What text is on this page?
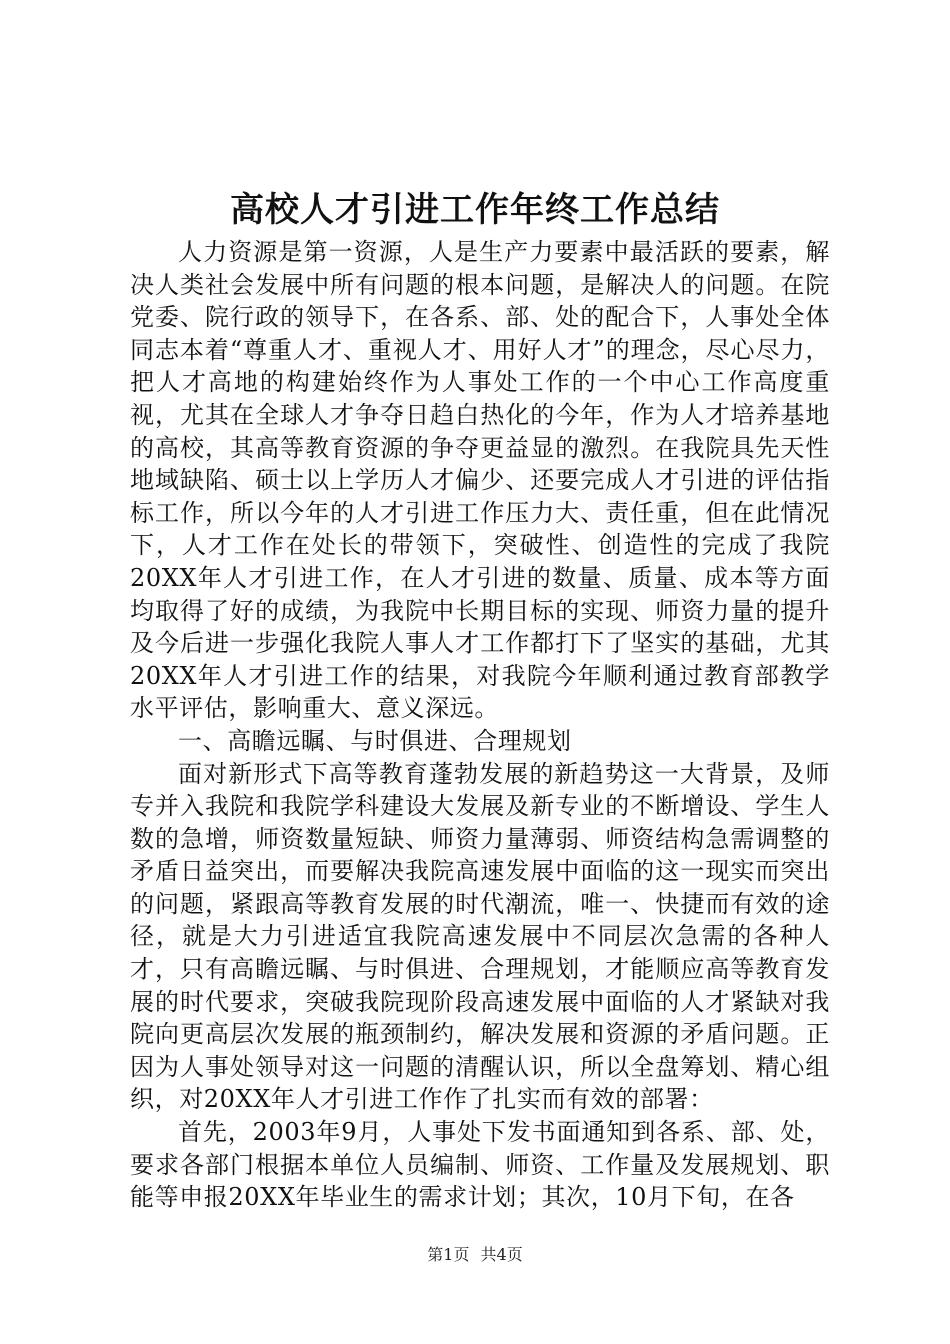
高校人才引进工作年终工作总结

人力资源是第一资源，人是生产力要素中最活跃的要素，解决人类社会发展中所有问题的根本问题，是解决人的问题。在院党委、院行政的领导下，在各系、部、处的配合下，人事处全体同志本着“尊重人才、重视人才、用好人才”的理念，尽心尽力，把人才高地的构建始终作为人事处工作的一个中心工作高度重视，尤其在全球人才争夺日趋白热化的今年，作为人才培养基地的高校，其高等教育资源的争夺更益显的激烈。在我院具先天性地域缺陷、硕士以上学历人才偏少、还要完成人才引进的评估指标工作，所以今年的人才引进工作压力大、责任重，但在此情况下，人才工作在处长的带领下，突破性、创造性的完成了我院20XX年人才引进工作，在人才引进的数量、质量、成本等方面均取得了好的成绩，为我院中长期目标的实现、师资力量的提升及今后进一步强化我院人事人才工作都打下了坚实的基础，尤其20XX年人才引进工作的结果，对我院今年顺利通过教育部教学水平评估，影响重大、意义深远。

一、高瞻远瞩、与时俱进、合理规划

面对新形式下高等教育蓬勃发展的新趋势这一大背景，及师专并入我院和我院学科建设大发展及新专业的不断增设、学生人数的急增，师资数量短缺、师资力量薄弱、师资结构急需调整的矛盾日益突出，而要解决我院高速发展中面临的这一现实而突出的问题，紧跟高等教育发展的时代潮流，唯一、快捷而有效的途径，就是大力引进适宜我院高速发展中不同层次急需的各种人才，只有高瞻远瞩、与时俱进、合理规划，才能顺应高等教育发展的时代要求，突破我院现阶段高速发展中面临的人才紧缺对我院向更高层次发展的瓶颈制约，解决发展和资源的矛盾问题。正因为人事处领导对这一问题的清醒认识，所以全盘筹划、精心组织，对20XX年人才引进工作作了扎实而有效的部署：

首先，2003年9月，人事处下发书面通知到各系、部、处，要求各部门根据本单位人员编制、师资、工作量及发展规划、职能等申报20XX年毕业生的需求计划；其次，10月下旬，在各

第1页 共4页
